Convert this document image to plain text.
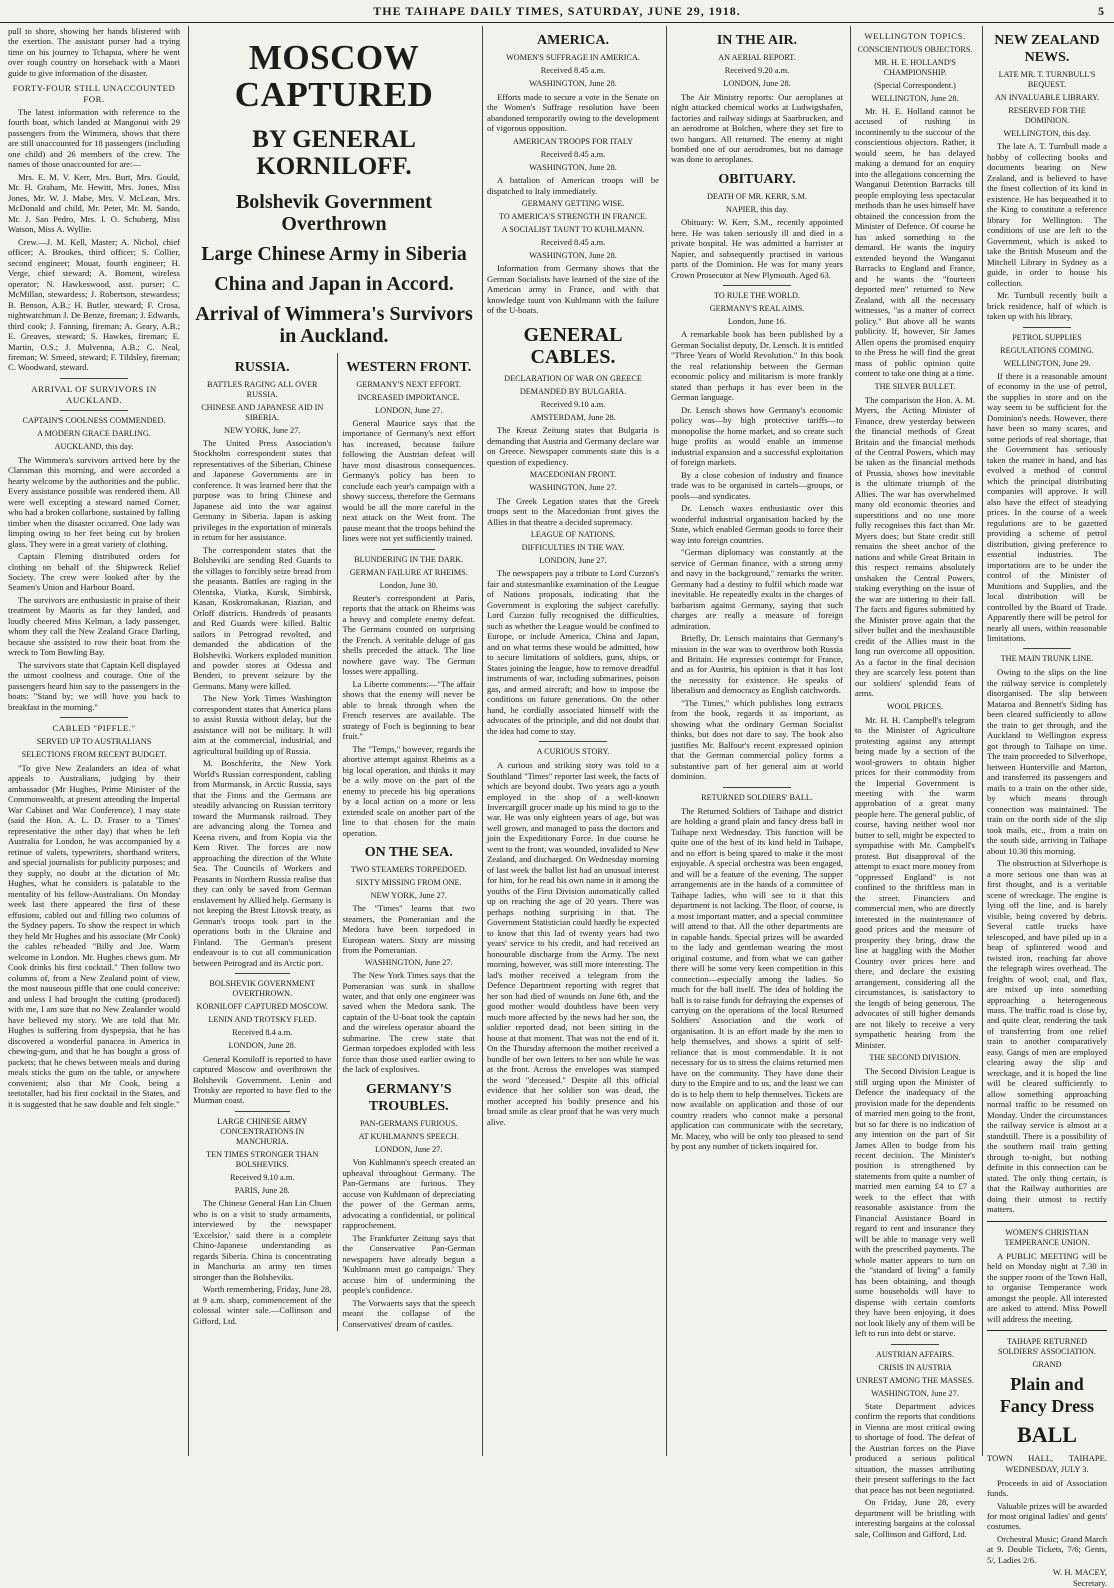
THE TAIHAPE DAILY TIMES, SATURDAY, JUNE 29, 1918.	5

pull to shore, showing her hands blistered with the exertion. The assistant purser had a trying time on his journey to Tchapua, where he went over rough country on horseback with a Maori guide to give information of the disaster.

FORTY-FOUR STILL UNACCOUNTED FOR.

The latest information with reference to the fourth boat, which landed at Mangonui with 29 passengers from the Wimmera, shows that there are still unaccounted for 18 passengers (including one child) and 26 members of the crew. The names of those unaccounted for are:—

Mrs. E. M. V. Kerr, Mrs. Burt, Mrs. Gould, Mr. H. Graham, Mr. Hewitt, Mrs. Jones, Miss Jones, Mr. W. J. Mabe, Mrs. V. McLean, Mrs. McDonald and child, Mr. Peter, Mr. M. Sando, Mr. J. San Pedro, Mrs. I. O. Schuberg, Miss Watson, Miss A. Wyllie.

Crew.—J. M. Kell, Master; A. Nichol, chief officer; A. Brookes, third officer; S. Collier, second engineer; Mouat, fourth engineer; H. Verge, chief steward; A. Boment, wireless operator; N. Hawkeswood, asst. purser; C. McMillan, stewardess; J. Robertson, stewardess; B. Benson, A.B.; H. Butler, steward; F. Crosa, nightwatchman J. De Benze, fireman; J. Edwards, third cook; J. Fanning, fireman; A. Geary, A.B.; E. Greaves, steward; S. Hawkes, fireman; E. Martin, O.S.; J. Mulvenna, A.B.; C. Neal, fireman; W. Smeed, steward; F. Tildsley, fireman; C. Woodward, steward.

ARRIVAL OF SURVIVORS IN AUCKLAND.
CAPTAIN'S COOLNESS COMMENDED.
A MODERN GRACE DARLING.
AUCKLAND, this day.

The Wimmera's survivors arrived here by the Clansman this morning, and were accorded a hearty welcome by the authorities and the public. Every assistance possible was rendered them. All were well excepting a steward named Corner, who had a broken collarbone, sustained by falling timber when the disaster occurred. One lady was limping owing to her feet being cut by broken glass. They were in a great variety of clothing.

Captain Fleming distributed orders for clothing on behalf of the Shipwreck Relief Society. The crew were looked after by the Seamen's Union and Harbour Board.

The survivors are enthusiastic in praise of their treatment by Maoris as far they landed, and loudly cheered Miss Kelman, a lady passenger, whom they call the New Zealand Grace Darling, because she assisted to row their boat from the wreck to Tom Bowling Bay.

The survivors state that Captain Kell displayed the utmost coolness and courage. One of the passengers heard him say to the passengers in the boats: "Stand by; we will have you back to breakfast in the morning."

CABLED "PIFFLE."
SERVED UP TO AUSTRALIANS
SELECTIONS FROM RECENT BUDGET.

"To give New Zealanders an idea of what appeals to Australians, judging by their ambassador (Mr Hughes, Prime Minister of the Commonwealth, at present attending the Imperial War Cabinet and War Conference), I may state (said the Hon. A. L. D. Fraser to a 'Times' representative the other day) that when he left Australia for London, he was accompanied by a retinue of valets, typewriters, shorthand writers, and special journalists for publicity purposes; and they supply, no doubt at the dictation of Mr. Hughes, what he considers is palatable to the mentality of his fellow-Australians. On Monday week last there appeared the first of these effusions, cabled out and filling two columns of the Sydney papers. To show the respect in which they held Mr Hughes and his associate (Mr Cook) the cables re'headed "Billy and Joe. Warm welcome in London. Mr. Hughes chews gum. Mr Cook drinks his first cocktail." Then follow two columns of, from a New Zealand point of view, the most nauseous piffle that one could conceive: and unless I had brought the cutting (produced) with me, I am sure that no New Zealander would have believed my story. We are told that Mr. Hughes is suffering from dyspepsia, that he has discovered a wonderful panacea in America in chewing-gum, and that he has bought a gross of packets; that he chews between meals and during meals sticks the gum on the table, or anywhere convenient; also that Mr Cook, being a teetotaller, had his first cocktail in the States, and it is suggested that he saw double and felt single."

MOSCOW CAPTURED
BY GENERAL KORNILOFF.
Bolshevik Government Overthrown
Large Chinese Army in Siberia
China and Japan in Accord.
Arrival of Wimmera's Survivors in Auckland.
RUSSIA.
BATTLES RAGING ALL OVER RUSSIA.
CHINESE AND JAPANESE AID IN SIBERIA.
NEW YORK, June 27.

The United Press Association's Stockholm correspondent states that representatives of the Siberian, Chinese and Japanese Governments are in conference. It was learned here that the purpose was to bring Chinese and Japanese aid into the war against Germany in Siberia. Japan is asking privileges in the exportation of minerals in return for her assistance.

The correspondent states that the Bolsheviki are sending Red Guards to the villages to forcibly seize bread from the peasants. Battles are raging in the Olentska, Viatka, Kursk, Simbirsk, Kasan, Koskromakasan, Riazian, and Orloff districts. Hundreds of peasants and Red Guards were killed. Baltic sailors in Petrograd revolted, and demanded the abdication of the Bolsheviki. Workers exploded munition and powder stores at Odessa and Benderi, to prevent seizure by the Germans. Many were killed.

The New York Times Washington correspondent states that America plans to assist Russia without delay, but the assistance will not be military. It will aim at the commercial, industrial, and agricultural building up of Russia.

M. Boschferitz, the New York World's Russian correspondent, cabling from Murmansk, in Arctic Russia, says that the Finns and the Germans are steadily advancing on Russian territory toward the Murmansk railroad. They are advancing along the Tornea and Keena rivers, and from Kopia via the Kem River. The forces are now approaching the direction of the White Sea. The Councils of Workers and Peasants in Northern Russia realise that they can only be saved from German enslavement by Allied help. Germany is not keeping the Brest Litovsk treaty, as German's troops took part in the operations both in the Ukraine and Finland. The German's present endeavour is to cut all communication between Petrograd and its Arctic port.

BOLSHEVIK GOVERNMENT OVERTHROWN.
KORNILOFF CAPTURED MOSCOW.
LENIN AND TROTSKY FLED.
Received 8.4 a.m.
LONDON, June 28.

General Korniloff is reported to have captured Moscow and overthrown the Bolshevik Government. Lenin and Trotsky are reported to have fled to the Murman coast.

LARGE CHINESE ARMY CONCENTRATIONS IN MANCHURIA.
TEN TIMES STRONGER THAN BOLSHEVIKS.
Received 9.10 a.m.
PARIS, June 28.

The Chinese General Han Lin Chuen who is on a visit to study armaments, interviewed by the newspaper 'Excelsior,' said there is a complete Chino-Japanese understanding as regards Siberia. China is concentrating in Manchuria an army ten times stronger than the Bolsheviks.

Worth remembering, Friday, June 28, at 9 a.m. sharp, commencement of the colossal winter sale.—Collinson and Gifford, Ltd.

WESTERN FRONT.
GERMANY'S NEXT EFFORT.
INCREASED IMPORTANCE.
LONDON, June 27.

General Maurice says that the importance of Germany's next effort has increased, because failure following the Austrian defeat will have most disastrous consequences. Germany's policy has been to conclude each year's campaign with a showy success, therefore the Germans would be all the more careful in the next attack on the West front. The pause meant that the troops behind the lines were not yet sufficiently trained.

BLUNDERING IN THE DARK.
GERMAN FAILURE AT RHEIMS.
London, June 30.

Reuter's correspondent at Paris, reports that the attack on Rheims was a heavy and complete enemy defeat. The Germans counted on surprising the French. A veritable deluge of gas shells preceded the attack. The line nowhere gave way. The German losses were appalling.

La Liberte comments:—"The affair shows that the enemy will never be able to break through when the French reserves are available. The strategy of Foch is beginning to bear fruit."

The "Temps," however, regards the abortive attempt against Rheims as a big local operation, and thinks it may be a wily move on the part of the enemy to precede his big operations by a local action on a more or less extended scale on another part of the line to that chosen for the main operation.

ON THE SEA.
TWO STEAMERS TORPEDOED.
SIXTY MISSING FROM ONE.
NEW YORK, June 27.

The "Times" learns that two steamers, the Pomeranian and the Medora have been torpedoed in European waters. Sixty are missing from the Pomeranian.

WASHINGTON, June 27.

The New York Times says that the Pomeranian was sunk in shallow water, and that only one engineer was saved when the Medora sank. The captain of the U-boat took the captain and the wireless operator aboard the submarine. The crew state that German torpedoes exploded with less force than those used earlier owing to the lack of explosives.

GERMANY'S TROUBLES.
PAN-GERMANS FURIOUS.
AT KUHLMANN'S SPEECH.
LONDON, June 27.

Von Kuhlmann's speech created an upheaval throughout Germany. The Pan-Germans are furious. They accuse von Kuhlmann of depreciating the power of the German arms, advocating a confidential, or political rapprochement.

The Frankfurter Zeitung says that the Conservative Pan-German newspapers have already begun a 'Kuhlmann must go campaign.' They accuse him of undermining the people's confidence.

The Vorwaerts says that the speech meant the collapse of the Conservatives' dream of castles.

AMERICA.
WOMEN'S SUFFRAGE IN AMERICA.
Received 8.45 a.m.
WASHINGTON, June 28.

Efforts made to secure a vote in the Senate on the Women's Suffrage resolution have been abandoned temporarily owing to the development of vigorous opposition.

AMERICAN TROOPS FOR ITALY
Received 8.45 a.m.
WASHINGTON, June 28.

A battalion of American troops will be dispatched to Italy immediately.

GERMANY GETTING WISE.
TO AMERICA'S STRENGTH IN FRANCE.
A SOCIALIST TAUNT TO KUHLMANN.
Received 8.45 a.m.
WASHINGTON, June 28.

Information from Germany shows that the German Socialists have learned of the size of the American army in France, and with that knowledge taunt von Kuhlmann with the failure of the U-boats.

GENERAL CABLES.
DECLARATION OF WAR ON GREECE
DEMANDED BY BULGARIA.
Received 9.10 a.m.
AMSTERDAM, June 28.

The Kreuz Zeitung states that Bulgaria is demanding that Austria and Germany declare war on Greece. Newspaper comments state this is a question of expediency.

MACEDONIAN FRONT.
WASHINGTON, June 27.

The Greek Legation states that the Greek troops sent to the Macedonian front gives the Allies in that theatre a decided supremacy.

LEAGUE OF NATIONS.
DIFFICULTIES IN THE WAY.
LONDON, June 27.

The newspapers pay a tribute to Lord Curzon's fair and statesmanlike examination of the League of Nations proposals, indicating that the Government is exploring the subject carefully. Lord Curzon fully recognised the difficulties, such as whether the League would be confined to Europe, or include America, China and Japan, and on what terms these would be admitted, how to secure limitations of soldiers, guns, ships, or States joining the league, how to remove dreadful instruments of war, including submarines, poison gas, and armed aircraft; and how to impose the conditions on future generations. On the other hand, he cordially associated himself with the advocates of the principle, and did not doubt that the idea had come to stay.

A CURIOUS STORY.

A curious and striking story was told to a Southland "Times" reporter last week, the facts of which are beyond doubt. Two years ago a youth employed in the shop of a well-known Invercargill grocer made up his mind to go to the war. He was only eighteen years of age, but was well grown, and managed to pass the doctors and join the Expeditionary Force. In due course he went to the front, was wounded, invalided to New Zealand, and discharged. On Wednesday morning of last week the ballot list had an unusual interest for him, for he read his own name in it among the youths of the First Division automatically called up on reaching the age of 20 years. There was perhaps nothing surprising in that. The Government Statistician could hardly be expected to know that this lad of twenty years had two years' service to his credit, and had received an honourable discharge from the Army. The next morning, however, was still more interesting. The lad's mother received a telegram from the Defence Department reporting with regret that her son had died of wounds on June 6th, and the good mother would doubtless have been very much more affected by the news had her son, the soldier reported dead, not been sitting in the house at that moment. That was not the end of it. On the Thursday afternoon the mother received a bundle of her own letters to her son while he was at the front. Across the envelopes was stamped the word "deceased." Despite all this official evidence that her soldier son was dead, the mother accepted his bodily presence and his broad smile as clear proof that he was very much alive.

IN THE AIR.
AN AERIAL REPORT.
Received 9.20 a.m.
LONDON, June 28.

The Air Ministry reports: Our aeroplanes at night attacked chemical works at Ludwigshafen, factories and railway sidings at Saarbrucken, and an aerodrome at Bolchen, where they set fire to two hangars. All returned. The enemy at night bombed one of our aerodromes, but no damage was done to aeroplanes.

OBITUARY.
DEATH OF MR. KERR, S.M.
NAPIER, this day.

Obituary: W. Kerr, S.M., recently appointed here. He was taken seriously ill and died in a private hospital. He was admitted a barrister at Napier, and subsequently practised in various parts of the Dominion. He was for many years Crown Prosecutor at New Plymouth. Aged 63.

TO RULE THE WORLD.
GERMANY'S REAL AIMS.
London, June 16.

A remarkable book has been published by a German Socialist deputy, Dr. Lensch. It is entitled "Three Years of World Revolution." In this book the real relationship between the German economic policy and militarism is more frankly stated than perhaps it has ever been in the German language.

Dr. Lensch shows how Germany's economic policy was—by high protective tariffs—to monopolise the home market, and so create such huge profits as would enable an immense industrial expansion and a successful exploitation of foreign markets.

By a close cohesion of industry and finance trade was to be organised in cartels—groups, or pools—and syndicates.

Dr. Lensch waxes enthusiastic over this wonderful industrial organisation backed by the State, which enabled German goods to force their way into foreign countries.

"German diplomacy was constantly at the service of German finance, with a strong army and navy in the background," remarks the writer. Germany had a destiny to fulfil which made war inevitable. He repeatedly exults in the charges of barbarism against Germany, saying that such charges are really a measure of foreign admiration.

Briefly, Dr. Lensch maintains that Germany's mission in the war was to overthrow both Russia and Britain. He expresses contempt for France, and as for Austria, his opinion is that it has lost the necessity for existence. He speaks of liberalism and democracy as English catchwords.

"The Times," which publishes long extracts from the book, regards it as important, as showing what the ordinary German Socialist thinks, but does not dare to say. The book also justifies Mr. Balfour's recent expressed opinion that the German commercial policy forms a substantive part of her general aim at world dominion.

RETURNED SOLDIERS' BALL.

The Returned Soldiers of Taihape and district are holding a grand plain and fancy dress ball in Taihape next Wednesday. This function will be quite one of the best of its kind held in Taihape, and no effort is being spared to make it the most enjoyable. A special orchestra was been engaged, and will be a feature of the evening. The supper arrangements are in the hands of a committee of Taihape ladies, who will see to it that this department is not lacking. The floor, of course, is a most important matter, and a special committee will attend to that. All the other departments are in capable hands. Special prizes will be awarded to the lady and gentleman wearing the most original costume, and from what we can gather there will be some very keen competition in this connection—especially among the ladies. So much for the ball itself. The idea of holding the ball is to raise funds for defraying the expenses of carrying on the operations of the local Returned Soldiers' Association and the work of organisation. It is an effort made by the men to help themselves, and shows a spirit of self-reliance that is most commendable. It is not necessary for us to stress the claims returned men have on the community. They have done their duty to the Empire and to us, and the least we can do is to help them to help themselves. Tickets are now available on application and those of our country readers who cannot make a personal application can communicate with the secretary, Mr. Macey, who will be only too pleased to send by post any number of tickets inquired for.

WELLINGTON TOPICS.
CONSCIENTIOUS OBJECTORS.
MR. H. E. HOLLAND'S CHAMPIONSHIP.
(Special Correspondent.)
WELLINGTON, June 28.

Mr. H. E. Holland cannot be accused of rushing in incontinently to the succour of the conscientious objectors. Rather, it would seem, he has delayed making a demand for an enquiry into the allegations concerning the Wanganui Detention Barracks till people employing less spectacular methods than he uses himself have obtained the concession from the Minister of Defence. Of course he has asked something to the demand. He wants the inquiry extended beyond the Wanganui Barracks to England and France, and he wants the "fourteen deported men" returned to New Zealand, with all the necessary witnesses, "as a matter of correct policy." But above all he wants publicity. If, however, Sir James Allen opens the promised enquiry to the Press he will find the great mass of public opinion quite content to take one thing at a time.

THE SILVER BULLET.

The comparison the Hon. A. M. Myers, the Acting Minister of Finance, drew yesterday between the financial methods of Great Britain and the financial methods of the Central Powers, which may be taken as the financial methods of Prussia, shows how inevitable is the ultimate triumph of the Allies. The war has overwhelmed many old economic theories and superstitions and no one more fully recognises this fact than Mr. Myers does; but State credit still remains the sheet anchor of the nations and while Great Britain in this respect remains absolutely unshaken the Central Powers, staking everything on the issue of the war are tottering to their fall. The facts and figures submitted by the Minister prove again that the silver bullet and the inexhaustible credit of the Allies must in the long run overcome all opposition. As a factor in the final decision they are scarcely less potent than our soldiers' splendid feats of arms.

WOOL PRICES.

Mr. H. H. Campbell's telegram to the Minister of Agriculture protesting against any attempt being made by a section of the wool-growers to obtain higher prices for their commodity from the Imperial Government is meeting with the warm approbation of a great many people here. The general public, of course, having neither wool nor butter to sell, might be expected to sympathise with Mr. Campbell's protest. But disapproval of the attempt to exact more money from "oppressed England" is not confined to the thriftless man in the street. Financiers and commercial men, who are directly interested in the maintenance of good prices and the measure of prosperity they bring, draw the line at haggling with the Mother Country over prices here and there, and declare the existing arrangement, considering all the circumstances, is satisfactory to the length of being generous. The advocates of still higher demands are not likely to receive a very sympathetic hearing from the Minister.

THE SECOND DIVISION.

The Second Division League is still urging upon the Minister of Defence the inadequacy of the provision made for the dependents of married men going to the front, but so far there is no indication of any intention on the part of Sir James Allen to budge from his recent decision. The Minister's position is strengthened by statements from quite a number of married men earning £4 to £7 a week to the effect that with reasonable assistance from the Financial Assistance Board in regard to rent and insurance they will be able to manage very well with the prescribed payments. The whole matter appears to turn on the "standard of living" a family has been obtaining, and though some households will have to dispense with certain comforts they have been enjoying, it does not look likely any of them will be left to run into debt or starve.

AUSTRIAN AFFAIRS.
CRISIS IN AUSTRIA
UNREST AMONG THE MASSES.
WASHINGTON, June 27.

State Department advices confirm the reports that conditions in Vienna are most critical owing to shortage of food. The defeat of the Austrian forces on the Piave produced a serious political situation, the masses attributing their present sufferings to the fact that peace has not been negotiated.

On Friday, June 28, every department will be bristling with interesting bargains at the colossal sale, Collinson and Gifford, Ltd.

NEW ZEALAND NEWS.
LATE MR. T. TURNBULL'S BEQUEST.
AN INVALUABLE LIBRARY.
RESERVED FOR THE DOMINION.
WELLINGTON, this day.

The late A. T. Turnbull made a hobby of collecting books and documents bearing on New Zealand, and is believed to have the finest collection of its kind in existence. He has bequeathed it to the King to constitute a reference library for Wellington. The conditions of use are left to the Government, which is asked to take the British Museum and the Mitchell Library in Sydney as a guide, in order to house his collection.

Mr. Turnbull recently built a brick residence, half of which is taken up with his library.

PETROL SUPPLIES
REGULATIONS COMING.
WELLINGTON, June 29.

If there is a reasonable amount of economy in the use of petrol, the supplies in store and on the way seem to be sufficient for the Dominion's needs. However, there have been so many scares, and some periods of real shortage, that the Government has seriously taken the matter in hand, and has evolved a method of control which the principal distributing companies will approve. It will also have the effect of steadying prices. In the course of a week regulations are to be gazetted providing a scheme of petrol distribution, giving preference to essential industries. The importations are to be under the control of the Minister of Munitions and Supplies, and the local distribution will be controlled by the Board of Trade. Apparently there will be petrol for nearly all users, within reasonable limitations.

THE MAIN TRUNK LINE.

Owing to the slips on the line the railway service is completely disorganised. The slip between Mataroa and Bennett's Siding has been cleared sufficiently to allow the train to get through, and the Auckland to Wellington express got through to Taihape on time. The train proceeded to Silverhope, between Hunterville and Marton, and transferred its passengers and mails to a train on the other side, by which means through connection was maintained. The train on the north side of the slip took mails, etc., from a train on the south side, arriving in Taihape about 10.30 this morning.

The obstruction at Silverhope is a more serious one than was at first thought, and is a veritable scene of wreckage. The engine is lying off the line, and is barely visible, being covered by debris. Several cattle trucks have telescoped, and have piled up in a heap of splintered wood and twisted iron, reaching far above the telegraph wires overhead. The freights of wool, coal, and flax, are mixed up into something approaching a heterogeneous mass. The traffic road is close by, and quite clear, rendering the task of transferring from one relief train to another comparatively easy. Gangs of men are employed clearing away the slip and wreckage, and it is hoped the line will be cleared sufficiently to allow something approaching normal traffic to be resumed on Monday. Under the circumstances the railway service is almost at a standstill. There is a possibility of the southern mail train getting through to-night, but nothing definite in this connection can be stated. The only thing certain, is that the Railway authorities are doing their utmost to rectify matters.

WOMEN'S CHRISTIAN TEMPERANCE UNION.

A PUBLIC MEETING will be held on Monday night at 7.30 in the supper room of the Town Hall, to organise Temperance work amongst the people. All interested are asked to attend. Miss Powell will address the meeting.

TAIHAPE RETURNED SOLDIERS' ASSOCIATION.
GRAND
Plain and Fancy Dress
BALL
TOWN HALL, TAIHAPE.
WEDNESDAY, JULY 3.

Proceeds in aid of Association funds.

Valuable prizes will be awarded for most original ladies' and gents' costumes.

Orchestral Music; Grand March at 9. Double Tickets, 7/6; Gents, 5/, Ladies 2/6.

W. H. MACEY,
Secretary.
